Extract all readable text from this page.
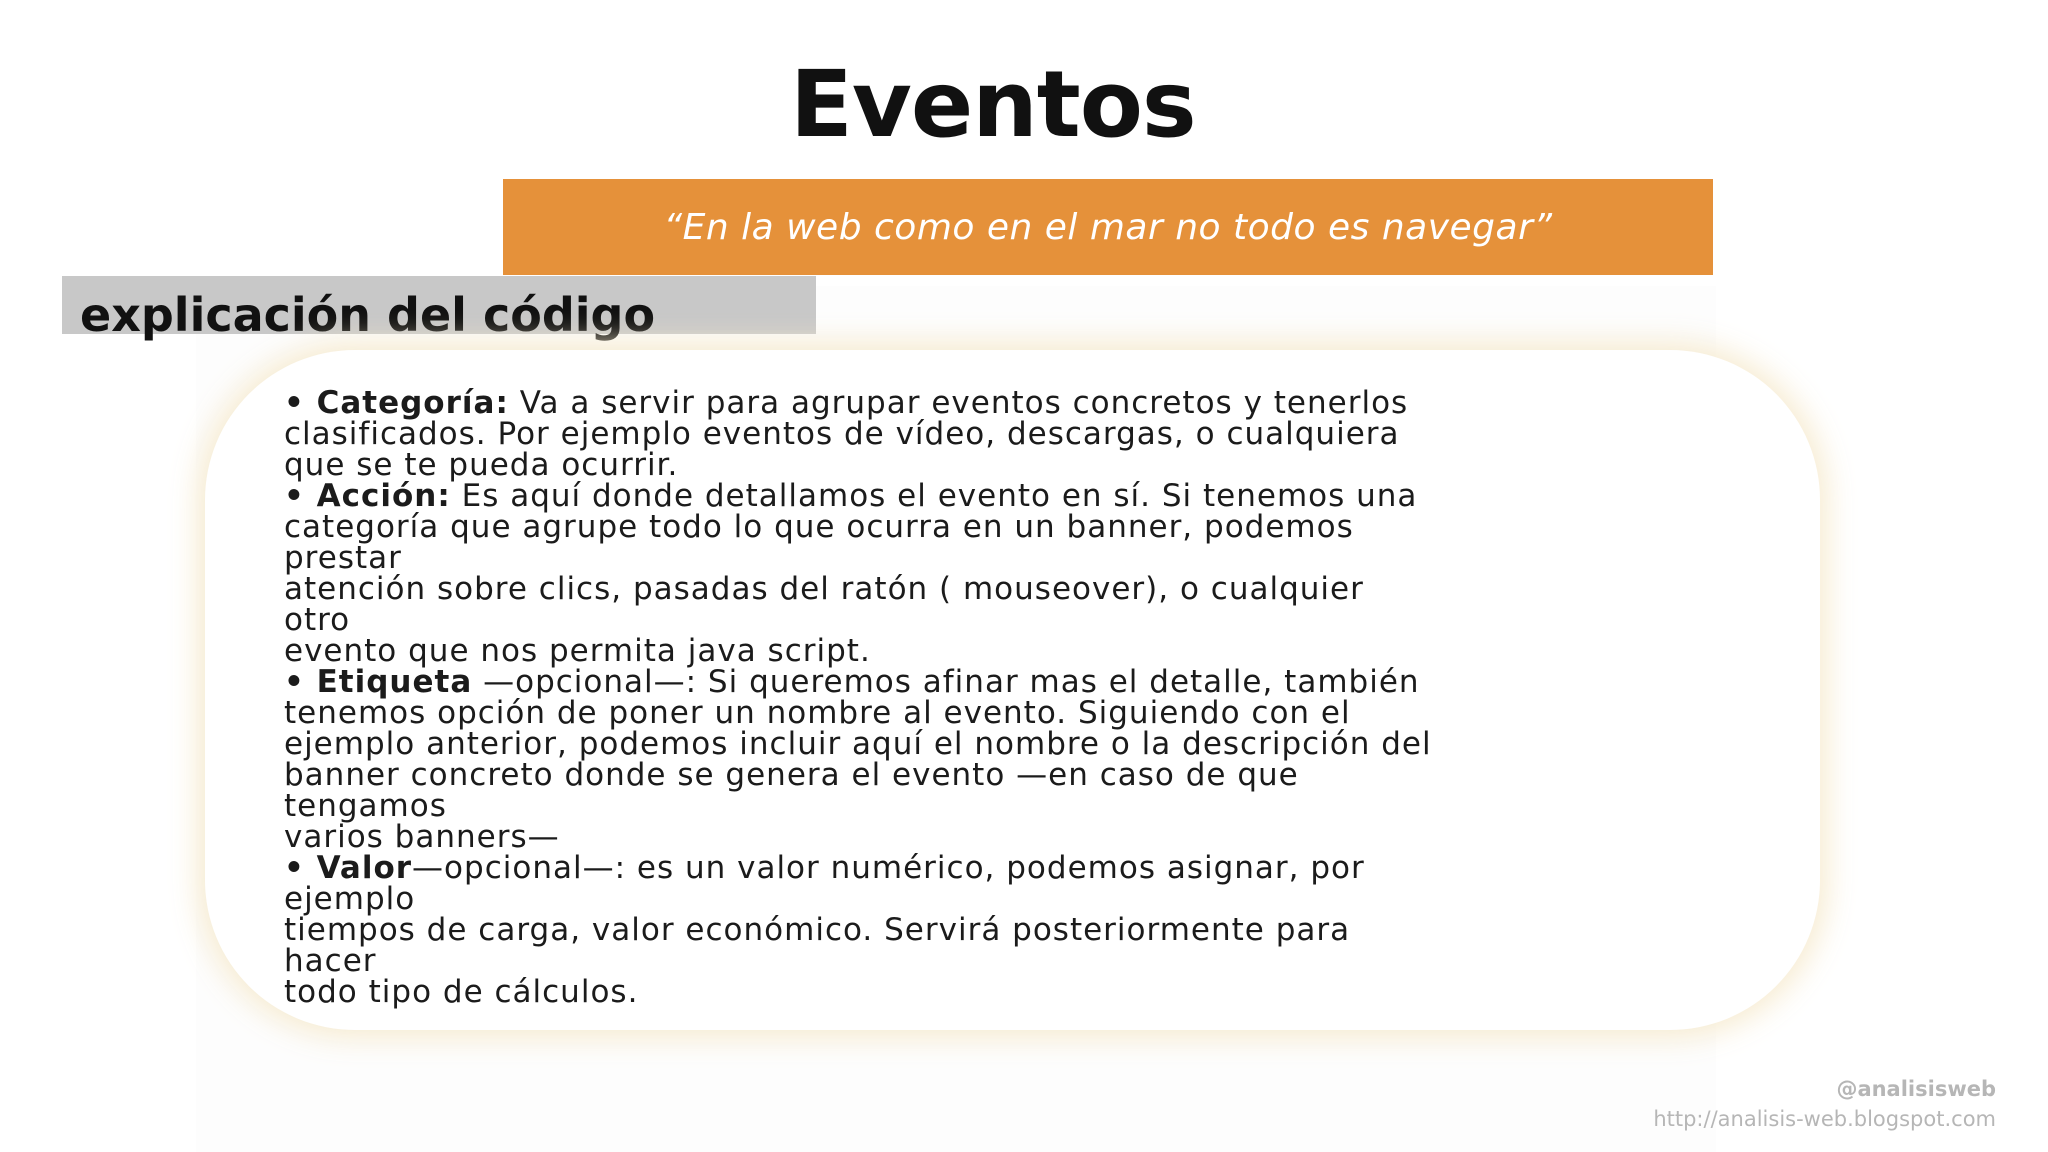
Eventos
“En la web como en el mar no todo es navegar”
explicación del código
• Categoría: Va a servir para agrupar eventos concretos y tenerlos
clasificados. Por ejemplo eventos de vídeo, descargas, o cualquiera
que se te pueda ocurrir.
• Acción: Es aquí donde detallamos el evento en sí. Si tenemos una
categoría que agrupe todo lo que ocurra en un banner, podemos
prestar
atención sobre clics, pasadas del ratón ( mouseover), o cualquier
otro
evento que nos permita java script.
• Etiqueta —opcional—: Si queremos afinar mas el detalle, también
tenemos opción de poner un nombre al evento. Siguiendo con el
ejemplo anterior, podemos incluir aquí el nombre o la descripción del
banner concreto donde se genera el evento —en caso de que
tengamos
varios banners—
• Valor—opcional—: es un valor numérico, podemos asignar, por
ejemplo
tiempos de carga, valor económico. Servirá posteriormente para
hacer
todo tipo de cálculos.
@analisisweb
http://analisis-web.blogspot.com
